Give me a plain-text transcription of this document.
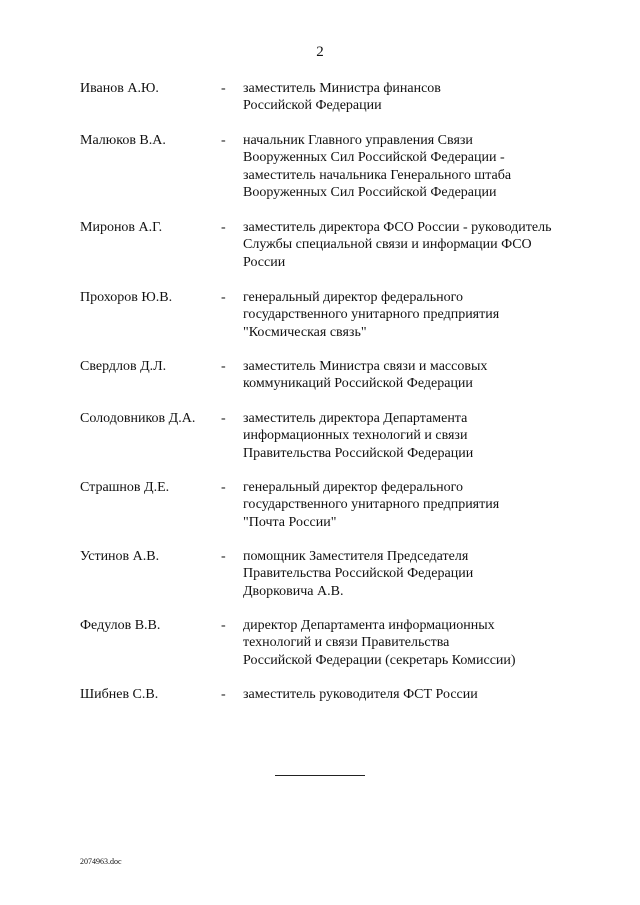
2
Иванов А.Ю.	- заместитель Министра финансов
Российской Федерации
Малюков В.А.	- начальник Главного управления Связи
Вооруженных Сил Российской Федерации -
заместитель начальника Генерального штаба
Вооруженных Сил Российской Федерации
Миронов А.Г.	- заместитель директора ФСО России - руководитель
Службы специальной связи и информации ФСО
России
Прохоров Ю.В.	- генеральный директор федерального
государственного унитарного предприятия
"Космическая связь"
Свердлов Д.Л.	- заместитель Министра связи и массовых
коммуникаций Российской Федерации
Солодовников Д.А. - заместитель директора Департамента
информационных технологий и связи
Правительства Российской Федерации
Страшнов Д.Е.	- генеральный директор федерального
государственного унитарного предприятия
"Почта России"
Устинов А.В.	- помощник Заместителя Председателя
Правительства Российской Федерации
Дворковича А.В.
Федулов В.В.	- директор Департамента информационных
технологий и связи Правительства
Российской Федерации (секретарь Комиссии)
Шибнев С.В.	- заместитель руководителя ФСТ России
2074963.doc
